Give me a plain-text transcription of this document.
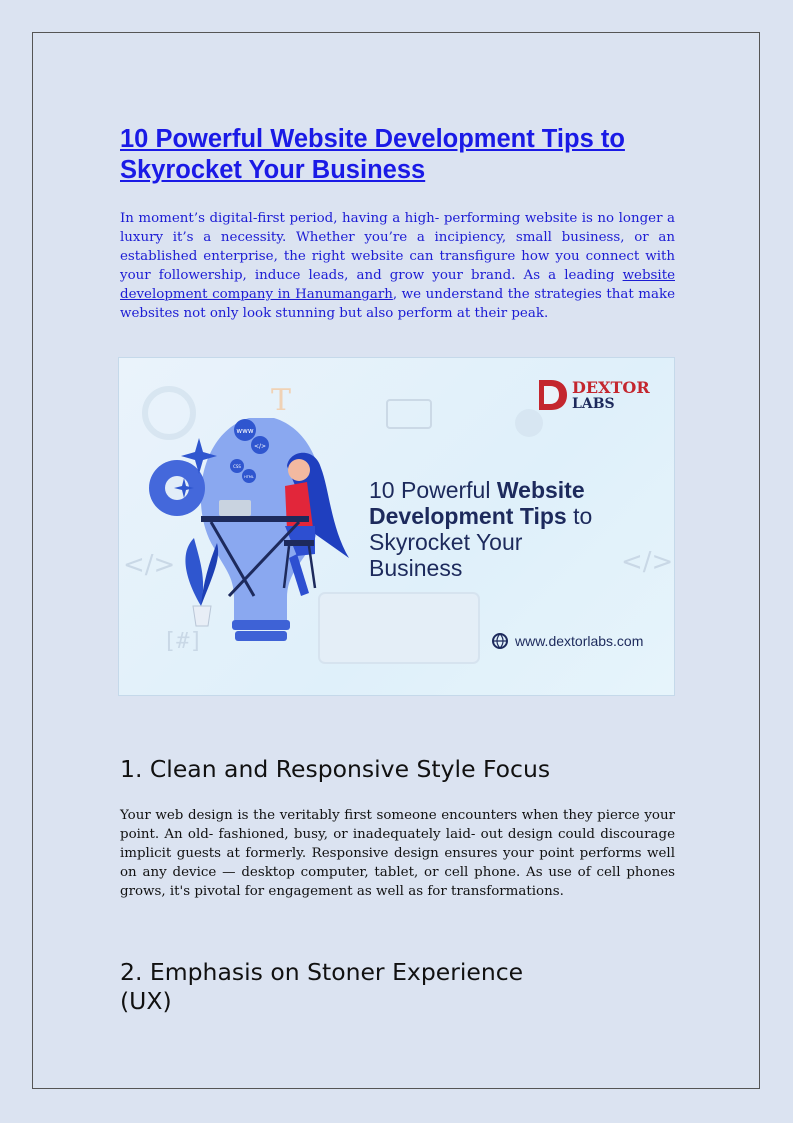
10 Powerful Website Development Tips to Skyrocket Your Business

In moment’s digital-first period, having a high- performing website is no longer a luxury it’s a necessity. Whether you’re a incipiency, small business, or an established enterprise, the right website can transfigure how you connect with your followership, induce leads, and grow your brand. As a leading website development company in Hanumangarh, we understand the strategies that make websites not only look stunning but also perform at their peak.

</>	</>
[#]
T
www
</>
CSS
HTML
DEXTOR
LABS
10 Powerful Website
Development Tips to
Skyrocket Your
Business
www.dextorlabs.com
1. Clean and Responsive Style Focus

Your web design is the veritably first someone encounters when they pierce your point. An old- fashioned, busy, or inadequately laid- out design could discourage implicit guests at formerly. Responsive design ensures your point performs well on any device — desktop computer, tablet, or cell phone. As use of cell phones grows, it's pivotal for engagement as well as for transformations.

2. Emphasis on Stoner Experience (UX)
